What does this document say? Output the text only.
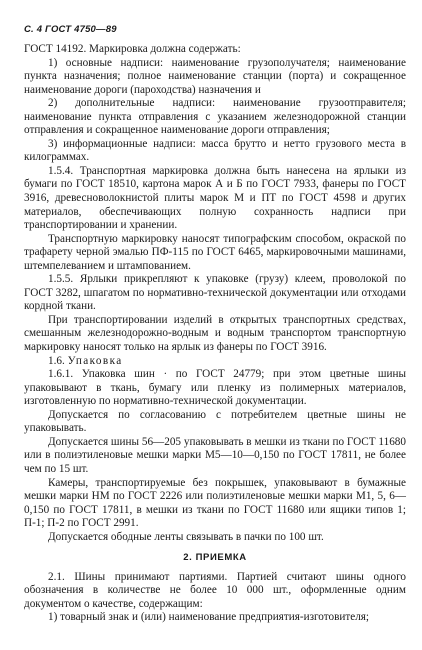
С. 4 ГОСТ 4750—89

ГОСТ 14192. Маркировка должна содержать:

1) основные надписи: наименование грузополучателя; наименование пункта назначения; полное наименование станции (порта) и сокращенное наименование дороги (пароходства) назначения и

2) дополнительные надписи: наименование грузоотправителя; наименование пункта отправления с указанием железнодорожной станции отправления и сокращенное наименование дороги отправления;

3) информационные надписи: масса брутто и нетто грузового места в килограммах.

1.5.4. Транспортная маркировка должна быть нанесена на ярлыки из бумаги по ГОСТ 18510, картона марок А и Б по ГОСТ 7933, фанеры по ГОСТ 3916, древесноволокнистой плиты марок М и ПТ по ГОСТ 4598 и других материалов, обеспечивающих полную сохранность надписи при транспортировании и хранении.

Транспортную маркировку наносят типографским способом, окраской по трафарету черной эмалью ПФ-115 по ГОСТ 6465, маркировочными машинами, штемпелеванием и штампованием.

1.5.5. Ярлыки прикрепляют к упаковке (грузу) клеем, проволокой по ГОСТ 3282, шпагатом по нормативно-технической документации или отходами кордной ткани.

При транспортировании изделий в открытых транспортных средствах, смешанным железнодорожно-водным и водным транспортом транспортную маркировку наносят только на ярлык из фанеры по ГОСТ 3916.

1.6. Упаковка

1.6.1. Упаковка шин · по ГОСТ 24779; при этом цветные шины упаковывают в ткань, бумагу или пленку из полимерных материалов, изготовленную по нормативно-технической документации.

Допускается по согласованию с потребителем цветные шины не упаковывать.

Допускается шины 56—205 упаковывать в мешки из ткани по ГОСТ 11680 или в полиэтиленовые мешки марки М5—10—0,150 по ГОСТ 17811, не более чем по 15 шт.

Камеры, транспортируемые без покрышек, упаковывают в бумажные мешки марки НМ по ГОСТ 2226 или полиэтиленовые мешки марки М1, 5, 6—0,150 по ГОСТ 17811, в мешки из ткани по ГОСТ 11680 или ящики типов 1; П-1; П-2 по ГОСТ 2991.

Допускается ободные ленты связывать в пачки по 100 шт.

2. ПРИЕМКА

2.1. Шины принимают партиями. Партией считают шины одного обозначения в количестве не более 10 000 шт., оформленные одним документом о качестве, содержащим:

1) товарный знак и (или) наименование предприятия-изготовителя;
